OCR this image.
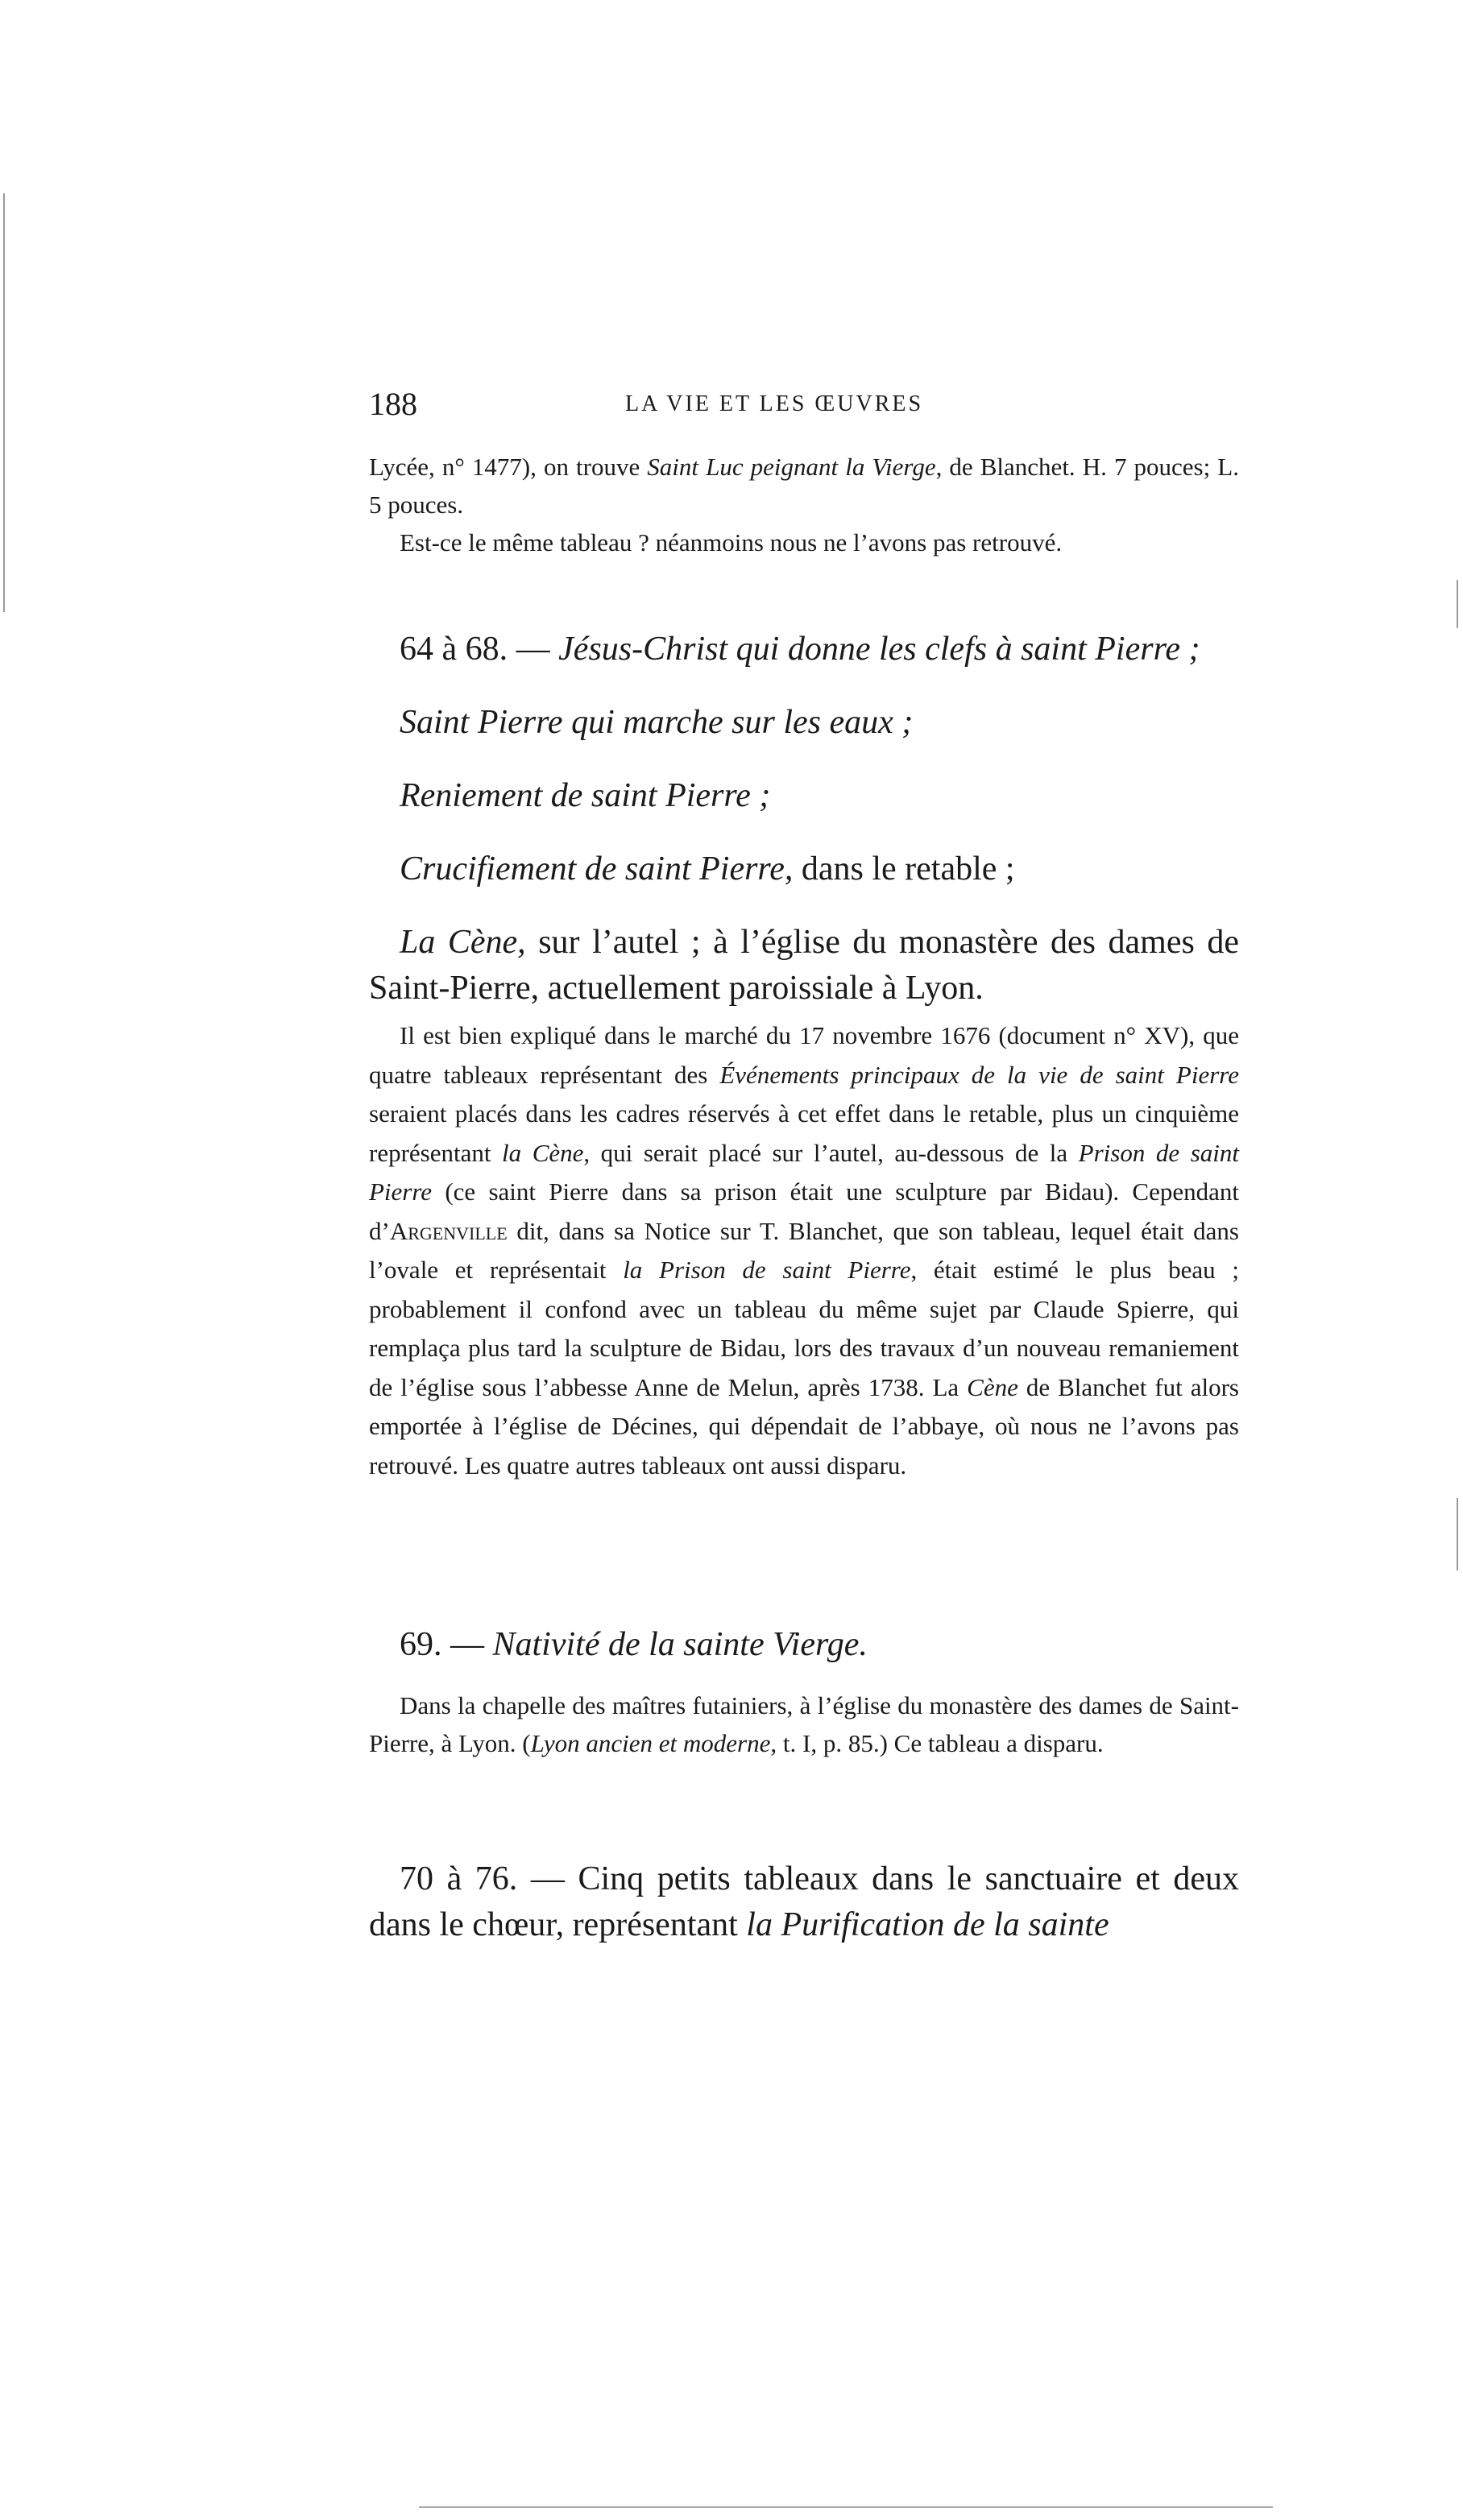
188	LA VIE ET LES ŒUVRES
Lycée, n° 1477), on trouve Saint Luc peignant la Vierge, de Blanchet. H. 7 pouces; L. 5 pouces.
Est-ce le même tableau ? néanmoins nous ne l’avons pas retrouvé.
64 à 68. — Jésus-Christ qui donne les clefs à saint Pierre ;
Saint Pierre qui marche sur les eaux ;
Reniement de saint Pierre ;
Crucifiement de saint Pierre, dans le retable ;
La Cène, sur l’autel ; à l’église du monastère des dames de Saint-Pierre, actuellement paroissiale à Lyon.
Il est bien expliqué dans le marché du 17 novembre 1676 (document n° XV), que quatre tableaux représentant des Événements principaux de la vie de saint Pierre seraient placés dans les cadres réservés à cet effet dans le retable, plus un cinquième représentant la Cène, qui serait placé sur l’autel, au-dessous de la Prison de saint Pierre (ce saint Pierre dans sa prison était une sculpture par Bidau). Cependant d’Argenville dit, dans sa Notice sur T. Blanchet, que son tableau, lequel était dans l’ovale et représentait la Prison de saint Pierre, était estimé le plus beau ; probablement il confond avec un tableau du même sujet par Claude Spierre, qui remplaça plus tard la sculpture de Bidau, lors des travaux d’un nouveau remaniement de l’église sous l’abbesse Anne de Melun, après 1738. La Cène de Blanchet fut alors emportée à l’église de Décines, qui dépendait de l’abbaye, où nous ne l’avons pas retrouvé. Les quatre autres tableaux ont aussi disparu.
69. — Nativité de la sainte Vierge.
Dans la chapelle des maîtres futainiers, à l’église du monastère des dames de Saint-Pierre, à Lyon. (Lyon ancien et moderne, t. I, p. 85.) Ce tableau a disparu.
70 à 76. — Cinq petits tableaux dans le sanctuaire et deux dans le chœur, représentant la Purification de la sainte
